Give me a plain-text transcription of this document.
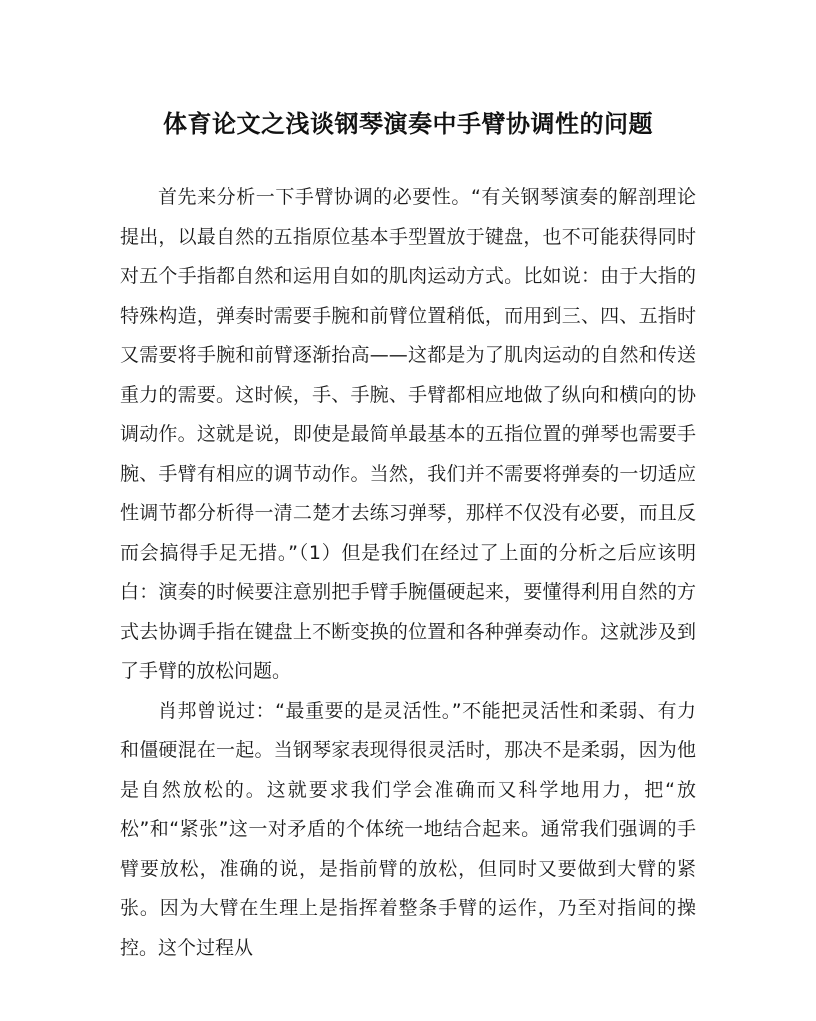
体育论文之浅谈钢琴演奏中手臂协调性的问题

首先来分析一下手臂协调的必要性。“有关钢琴演奏的解剖理论提出，以最自然的五指原位基本手型置放于键盘，也不可能获得同时对五个手指都自然和运用自如的肌肉运动方式。比如说：由于大指的特殊构造，弹奏时需要手腕和前臂位置稍低，而用到三、四、五指时又需要将手腕和前臂逐渐抬高——这都是为了肌肉运动的自然和传送重力的需要。这时候，手、手腕、手臂都相应地做了纵向和横向的协调动作。这就是说，即使是最简单最基本的五指位置的弹琴也需要手腕、手臂有相应的调节动作。当然，我们并不需要将弹奏的一切适应性调节都分析得一清二楚才去练习弹琴，那样不仅没有必要，而且反而会搞得手足无措。”（1）但是我们在经过了上面的分析之后应该明白：演奏的时候要注意别把手臂手腕僵硬起来，要懂得利用自然的方式去协调手指在键盘上不断变换的位置和各种弹奏动作。这就涉及到了手臂的放松问题。

肖邦曾说过：“最重要的是灵活性。”不能把灵活性和柔弱、有力和僵硬混在一起。当钢琴家表现得很灵活时，那决不是柔弱，因为他是自然放松的。这就要求我们学会准确而又科学地用力，把“放松”和“紧张”这一对矛盾的个体统一地结合起来。通常我们强调的手臂要放松，准确的说，是指前臂的放松，但同时又要做到大臂的紧张。因为大臂在生理上是指挥着整条手臂的运作，乃至对指间的操控。这个过程从
